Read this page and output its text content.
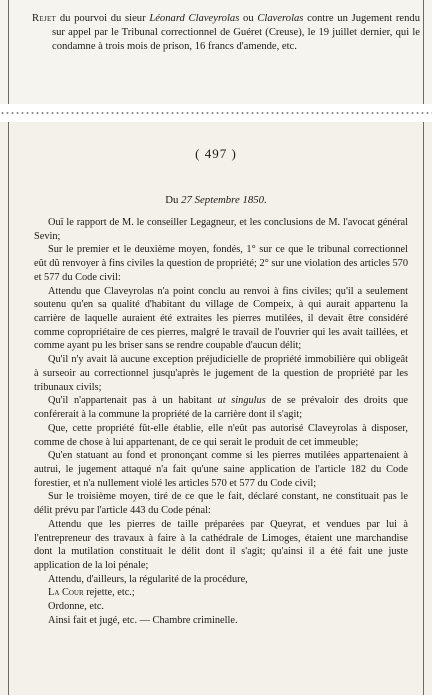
Rejet du pourvoi du sieur Léonard Claveyrolas ou Claverolas contre un Jugement rendu sur appel par le Tribunal correctionnel de Guéret (Creuse), le 19 juillet dernier, qui le condamne à trois mois de prison, 16 francs d'amende, etc.
( 497 )
Du 27 Septembre 1850.

Ouï le rapport de M. le conseiller Legagneur, et les conclusions de M. l'avocat général Sevin;

Sur le premier et le deuxième moyen, fondés, 1° sur ce que le tribunal correctionnel eût dû renvoyer à fins civiles la question de propriété; 2° sur une violation des articles 570 et 577 du Code civil:

Attendu que Claveyrolas n'a point conclu au renvoi à fins civiles; qu'il a seulement soutenu qu'en sa qualité d'habitant du village de Compeix, à qui aurait appartenu la carrière de laquelle auraient été extraites les pierres mutilées, il devait être considéré comme copropriétaire de ces pierres, malgré le travail de l'ouvrier qui les avait taillées, et comme ayant pu les briser sans se rendre coupable d'aucun délit;

Qu'il n'y avait là aucune exception préjudicielle de propriété immobilière qui obligeât à surseoir au correctionnel jusqu'après le jugement de la question de propriété par les tribunaux civils;

Qu'il n'appartenait pas à un habitant ut singulus de se prévaloir des droits que conférerait à la commune la propriété de la carrière dont il s'agit;

Que, cette propriété fût-elle établie, elle n'eût pas autorisé Claveyrolas à disposer, comme de chose à lui appartenant, de ce qui serait le produit de cet immeuble;

Qu'en statuant au fond et prononçant comme si les pierres mutilées appartenaient à autrui, le jugement attaqué n'a fait qu'une saine application de l'article 182 du Code forestier, et n'a nullement violé les articles 570 et 577 du Code civil;

Sur le troisième moyen, tiré de ce que le fait, déclaré constant, ne constituait pas le délit prévu par l'article 443 du Code pénal:

Attendu que les pierres de taille préparées par Queyrat, et vendues par lui à l'entrepreneur des travaux à faire à la cathédrale de Limoges, étaient une marchandise dont la mutilation constituait le délit dont il s'agit; qu'ainsi il a été fait une juste application de la loi pénale;

Attendu, d'ailleurs, la régularité de la procédure,

La Cour rejette, etc.;

Ordonne, etc.

Ainsi fait et jugé, etc. — Chambre criminelle.
